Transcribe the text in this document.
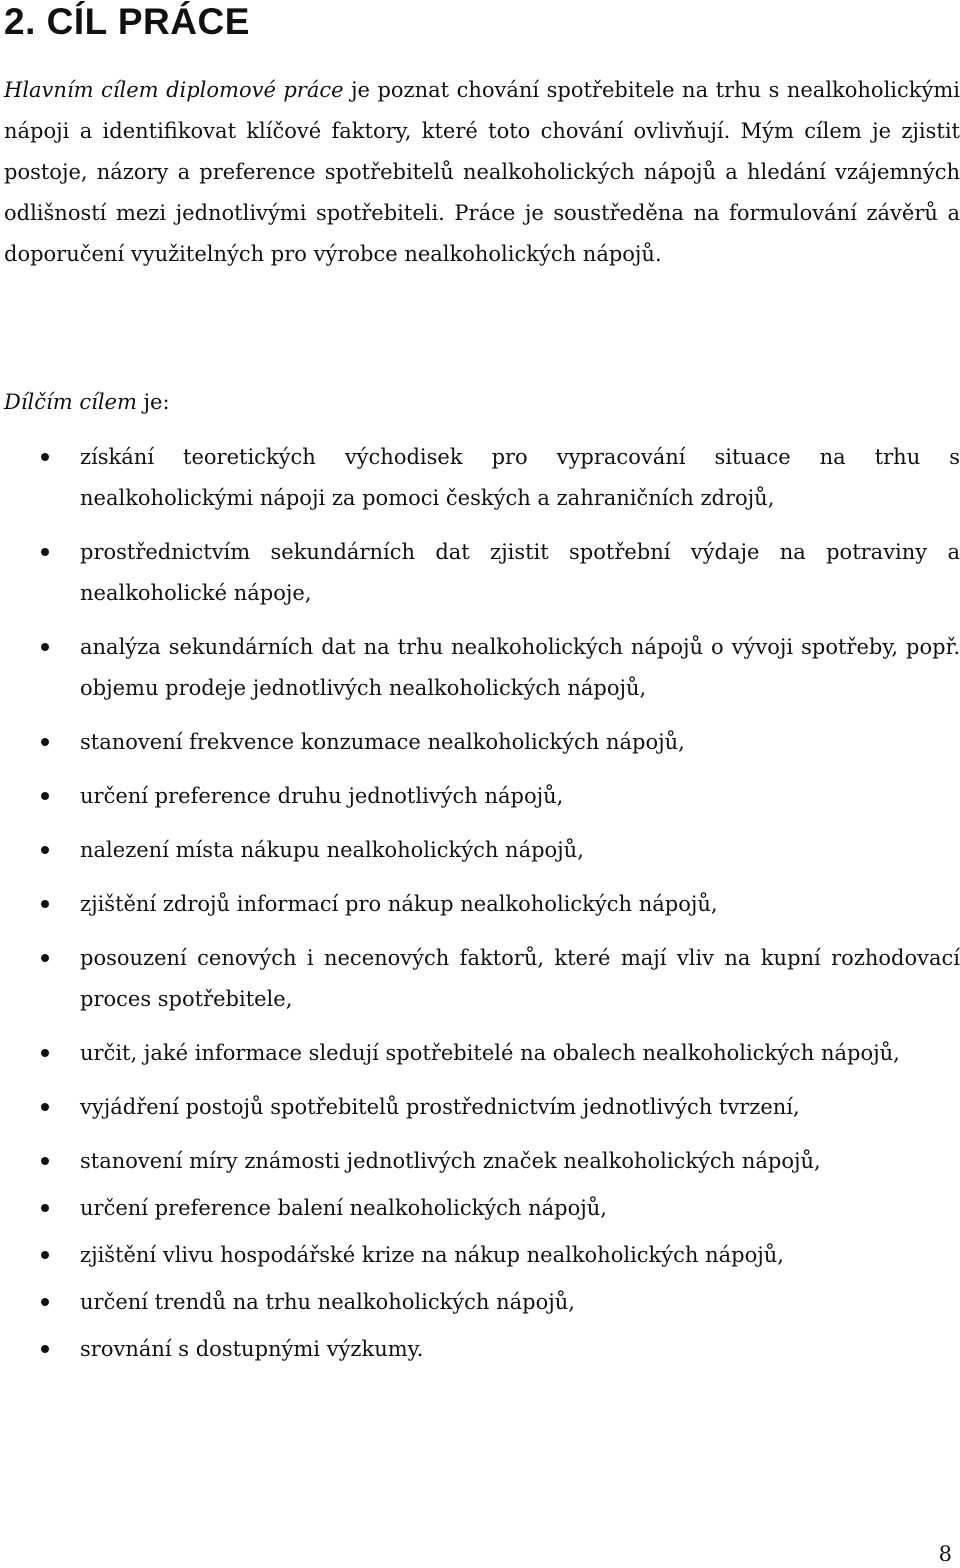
2. CÍL PRÁCE

Hlavním cílem diplomové práce je poznat chování spotřebitele na trhu s nealkoholickými nápoji a identifikovat klíčové faktory, které toto chování ovlivňují. Mým cílem je zjistit postoje, názory a preference spotřebitelů nealkoholických nápojů a hledání vzájemných odlišností mezi jednotlivými spotřebiteli. Práce je soustředěna na formulování závěrů a doporučení využitelných pro výrobce nealkoholických nápojů.

Dílčím cílem je:

získání teoretických východisek pro vypracování situace na trhu s nealkoholickými nápoji za pomoci českých a zahraničních zdrojů,
prostřednictvím sekundárních dat zjistit spotřební výdaje na potraviny a nealkoholické nápoje,
analýza sekundárních dat na trhu nealkoholických nápojů o vývoji spotřeby, popř. objemu prodeje jednotlivých nealkoholických nápojů,
stanovení frekvence konzumace nealkoholických nápojů,
určení preference druhu jednotlivých nápojů,
nalezení místa nákupu nealkoholických nápojů,
zjištění zdrojů informací pro nákup nealkoholických nápojů,
posouzení cenových i necenových faktorů, které mají vliv na kupní rozhodovací proces spotřebitele,
určit, jaké informace sledují spotřebitelé na obalech nealkoholických nápojů,
vyjádření postojů spotřebitelů prostřednictvím jednotlivých tvrzení,
stanovení míry známosti jednotlivých značek nealkoholických nápojů,
určení preference balení nealkoholických nápojů,
zjištění vlivu hospodářské krize na nákup nealkoholických nápojů,
určení trendů na trhu nealkoholických nápojů,
srovnání s dostupnými výzkumy.
8
